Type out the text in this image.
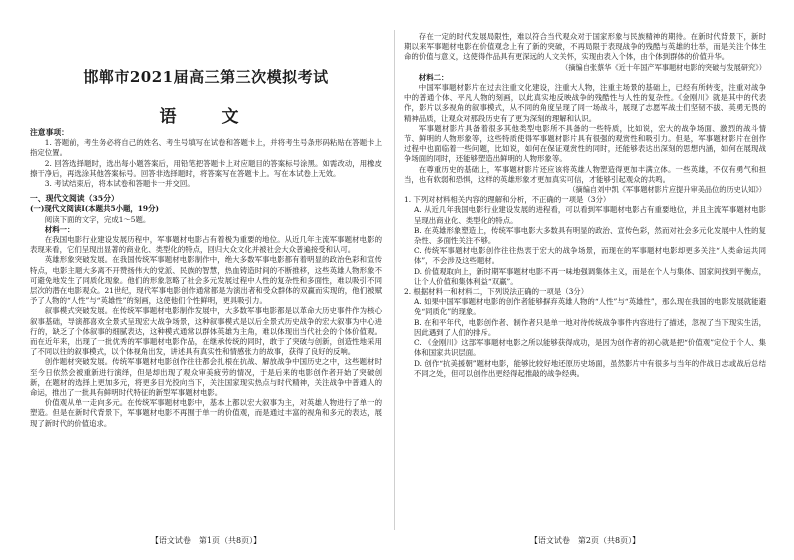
邯郸市2021届高三第三次模拟考试
语　文

注意事项：

1. 答题前，考生务必将自己的姓名、考生号填写在试卷和答题卡上，并将考生号条形码粘贴在答题卡上指定位置。

2. 回答选择题时，选出每小题答案后，用铅笔把答题卡上对应题目的答案标号涂黑。如需改动，用橡皮擦干净后，再选涂其他答案标号。回答非选择题时，将答案写在答题卡上。写在本试卷上无效。

3. 考试结束后，将本试卷和答题卡一并交回。

一、现代文阅读（35分）

(一)现代文阅读Ⅰ(本题共5小题，19分)

阅读下面的文字，完成1～5题。

材料一：

在我国电影行业建设发展历程中，军事题材电影占有着极为重要的地位。从近几年主流军事题材电影的表现来看，它们呈现出显著的商业化、类型化的特点，回归大众文化并被社会大众普遍接受和认可。

英雄形象突破发展。在我国传统军事题材电影制作中，绝大多数军事电影都有着明显的政治色彩和宣传特点，电影主题大多离不开赞扬伟大的党派、民族的智慧，热血铸造时间的不断推移，这些英雄人物形象不可避免地发生了同质化现象。他们的形象忽略了社会多元发展过程中人性的复杂性和多面性，难以吸引不同层次的潜在电影观众。21世纪，现代军事电影创作通常都是为演出者和受众群体的双赢而实现的，他们被赋予了人物的“人性”与“英雄性”的刻画，这使他们个性鲜明，更具吸引力。

叙事模式突破发展。在传统军事题材电影制作发展中，大多数军事电影都是以革命大历史事件作为核心叙事基础，导演都喜欢全景式呈现宏大战争场景，这种叙事模式是以后全景式历史战争的宏大叙事为中心进行的，缺乏了个体叙事的细腻表达，这种模式通常以群体英雄为主角，难以体现出当代社会的个体价值观。而在近年来，出现了一批优秀的军事题材电影作品，在继承传统的同时，敢于了突破与创新，创造性地采用了不同以往的叙事模式，以个体视角出发，讲述具有真实性和情感张力的故事，获得了良好的反响。

创作题材突破发展。传统军事题材电影创作往往都会扎根在抗战、解放战争中国历史之中，这些题材时至今日依然会被重新进行演绎，但是却出现了观众审美疲劳的情况，于是后来的电影创作者开始了突破创新，在题材的选择上更加多元，将更多目光投向当下，关注国家现实热点与时代精神，关注战争中普通人的命运，推出了一批具有鲜明时代特征的新型军事题材电影。

价值观从单一走向多元。在传统军事题材电影中，基本上都以宏大叙事为主，对英雄人物进行了单一的塑造。但是在新时代背景下，军事题材电影不再囿于单一的价值观，而是通过丰富的视角和多元的表达，展现了新时代的价值追求。

【语文试卷　第1页（共8页）】

存在一定的时代发展局限性，难以符合当代观众对于国家形象与民族精神的期待。在新时代背景下，新时期以来军事题材电影在价值观念上有了新的突破，不再局限于表现战争的残酷与英雄的壮举，而是关注个体生命的价值与意义，这使得作品具有更深远的人文关怀，实现由表入个体，由个体到群体的价值升华。

（摘编自张蔡华《近十年国产军事题材电影的突破与发展研究》）

材料二：

中国军事题材影片在过去注重文化建设，注重大人物，注重主场景的基础上，已经有所转变，注重对战争中的普通个体、平凡人物的刻画，以此真实地反映战争的残酷性与人性的复杂性。《金刚川》就是其中的代表作，影片以多视角的叙事模式，从不同的角度呈现了同一场战斗，展现了志愿军战士们坚韧不拔、英勇无畏的精神品质，让观众对那段历史有了更为深刻的理解和认识。

军事题材影片具备着很多其他类型电影所不具备的一些特质，比如说，宏大的战争场面、激烈的战斗情节、鲜明的人物形象等，这些特质使得军事题材影片具有很强的观赏性和吸引力。但是，军事题材影片在创作过程中也面临着一些问题，比如说，如何在保证观赏性的同时，还能够表达出深刻的思想内涵，如何在展现战争场面的同时，还能够塑造出鲜明的人物形象等。

在尊重历史的基础上，军事题材影片还应该将英雄人物塑造得更加丰满立体。一些英雄，不仅有勇气和担当，也有软弱和恐惧，这样的英雄形象才更加真实可信，才能够引起观众的共鸣。

（摘编自刘中凯《军事题材影片应提升审美品位的历史认知》）

1. 下列对材料相关内容的理解和分析，不正确的一项是（3分）

A. 从近几年我国电影行业建设发展的进程看，可以看到军事题材电影占有重要地位，并且主流军事题材电影呈现出商业化、类型化的特点。

B. 在英雄形象塑造上，传统军事电影大多数具有明显的政治、宣传色彩，然而对社会多元化发展中人性的复杂性、多面性关注不够。

C. 传统军事题材电影创作往往热衷于宏大的战争场景，而现在的军事题材电影却更多关注“人类命运共同体”，不会涉及这些题材。

D. 价值观取向上，新时期军事题材电影不再一味地强调集体主义，而是在个人与集体、国家间找到平衡点，让个人价值和集体利益“双赢”。

2. 根据材料一和材料二，下列说法正确的一项是（3分）

A. 如果中国军事题材电影的创作者能够摒弃英雄人物的“人性”与“英雄性”，那么现在我国的电影发展就能避免“同质化”的现象。

B. 在和平年代，电影创作者、制作者只是单一地对待传统战争事件内容进行了描述，忽视了当下现实生活，因此遇到了人们的排斥。

C. 《金刚川》这部军事题材电影之所以能够获得成功，是因为创作者的初心就是把“价值观”定位于个人、集体和国家共识层面。

D. 创作“抗美援朝”题材电影，能够比较好地还原历史场面，虽然影片中有很多与当年的作战日志或战后总结不同之处，但可以创作出更经得起推敲的战争经典。

【语文试卷　第2页（共8页）】
